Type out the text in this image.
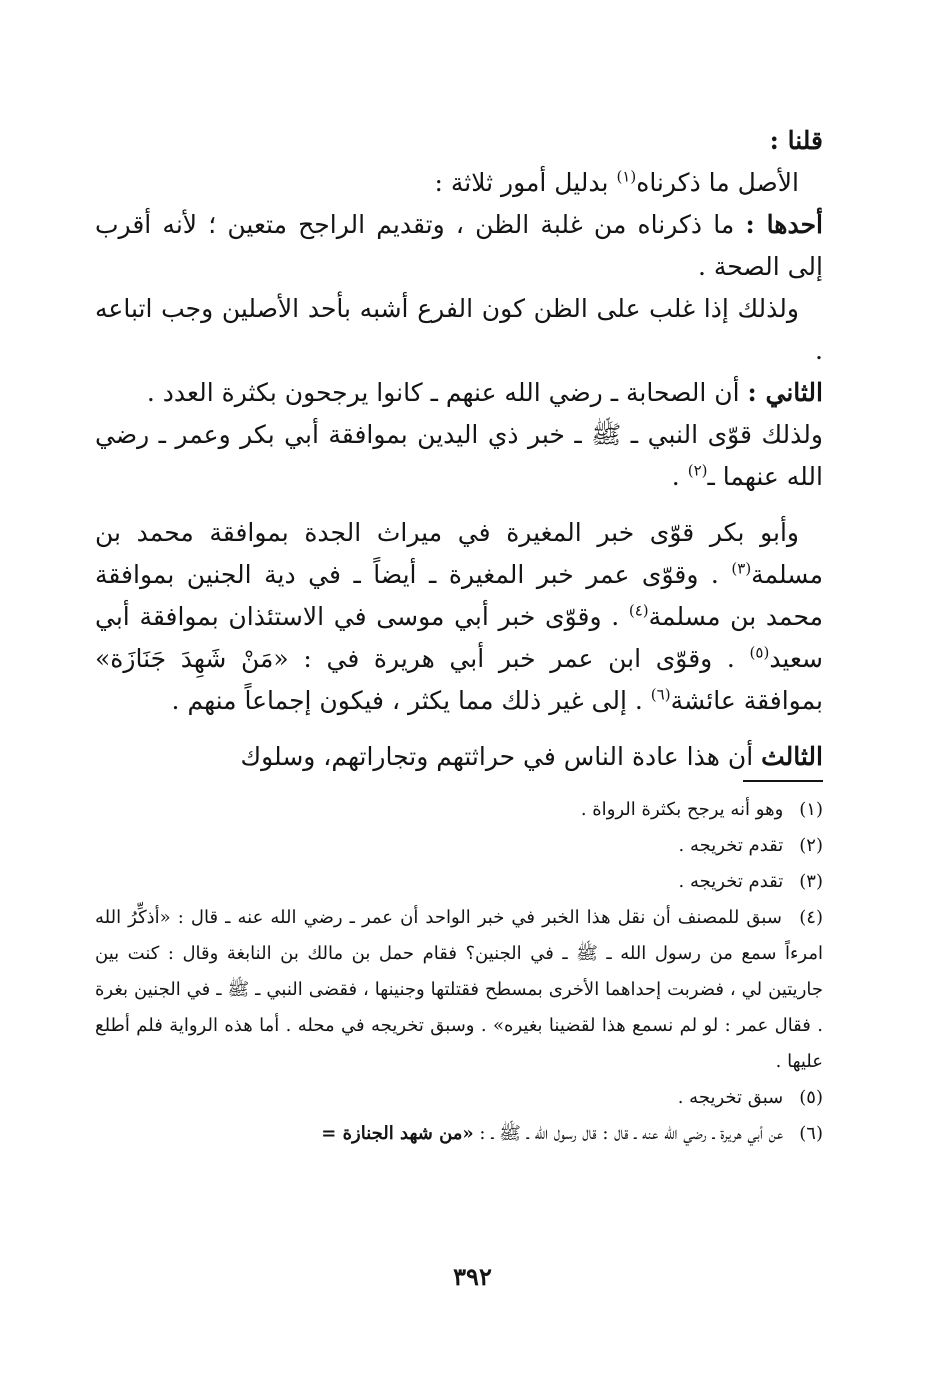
قلنا :

الأصل ما ذكرناه$^{(١)}$ بدليل أمور ثلاثة :

أحدها : ما ذكرناه من غلبة الظن ، وتقديم الراجح متعين ؛ لأنه أقرب إلى الصحة .

ولذلك إذا غلب على الظن كون الفرع أشبه بأحد الأصلين وجب اتباعه .

الثاني : أن الصحابة ـ رضي الله عنهم ـ كانوا يرجحون بكثرة العدد .

ولذلك قوّى النبي ـ ﷺ ـ خبر ذي اليدين بموافقة أبي بكر وعمر ـ رضي الله عنهما ـ$^{(٢)}$ .

وأبو بكر قوّى خبر المغيرة في ميراث الجدة بموافقة محمد بن مسلمة$^{(٣)}$ . وقوّى عمر خبر المغيرة ـ أيضاً ـ في دية الجنين بموافقة محمد بن مسلمة$^{(٤)}$ . وقوّى خبر أبي موسى في الاستئذان بموافقة أبي سعيد$^{(٥)}$ . وقوّى ابن عمر خبر أبي هريرة في : «مَنْ شَهِدَ جَنَازَة» بموافقة عائشة$^{(٦)}$ . إلى غير ذلك مما يكثر ، فيكون إجماعاً منهم .

الثالث أن هذا عادة الناس في حراثتهم وتجاراتهم، وسلوك

(١) وهو أنه يرجح بكثرة الرواة .

(٢) تقدم تخريجه .

(٣) تقدم تخريجه .

(٤) سبق للمصنف أن نقل هذا الخبر في خبر الواحد أن عمر ـ رضي الله عنه ـ قال : «أذكِّرُ الله امرءاً سمع من رسول الله ـ ﷺ ـ في الجنين؟ فقام حمل بن مالك بن النابغة وقال : كنت بين جاريتين لي ، فضربت إحداهما الأخرى بمسطح فقتلتها وجنينها ، فقضى النبي ـ ﷺ ـ في الجنين بغرة . فقال عمر : لو لم نسمع هذا لقضينا بغيره» . وسبق تخريجه في محله . أما هذه الرواية فلم أطلع عليها .

(٥) سبق تخريجه .

(٦) عن أبي هريرة ـ رضي الله عنه ـ قال : قال رسول الله ـ ﷺ ـ : «من شهد الجنازة =

٣٩٢
